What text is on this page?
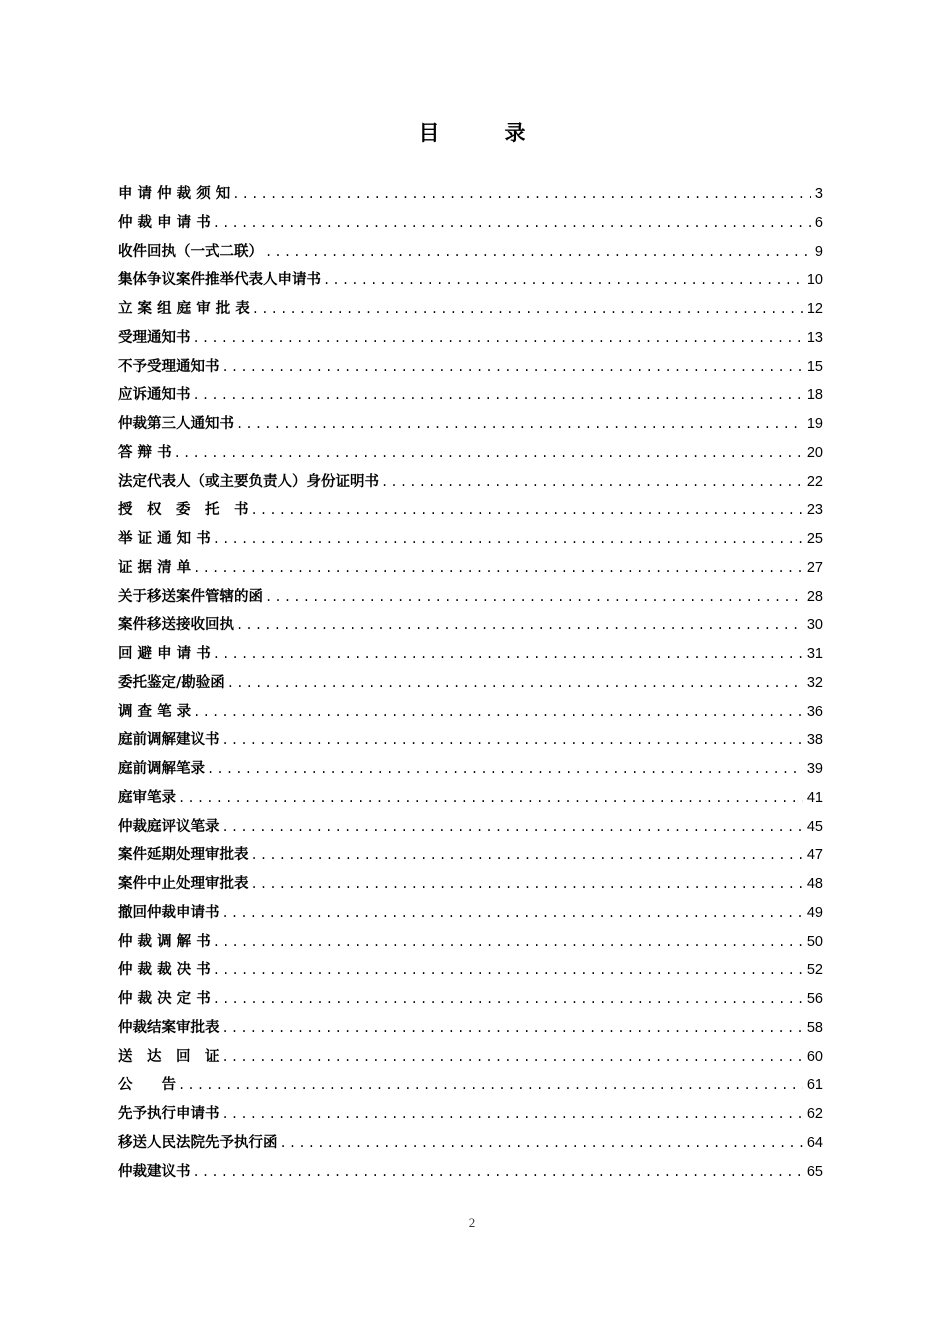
目　录
申 请 仲 裁 须 知 .....	3
仲 裁 申 请 书 .....	6
收件回执（一式二联） .....	9
集体争议案件推举代表人申请书 .....	10
立 案 组 庭 审 批 表 .....	12
受理通知书 .....	13
不予受理通知书 .....	15
应诉通知书 .....	18
仲裁第三人通知书 .....	19
答 辩 书 .....	20
法定代表人（或主要负责人）身份证明书 .....	22
授　权　委　托　书 .....	23
举 证 通 知 书 .....	25
证 据 清 单 .....	27
关于移送案件管辖的函 .....	28
案件移送接收回执 .....	30
回 避 申 请 书 .....	31
委托鉴定/勘验函 .....	32
调 查 笔 录 .....	36
庭前调解建议书 .....	38
庭前调解笔录 .....	39
庭审笔录 .....	41
仲裁庭评议笔录 .....	45
案件延期处理审批表 .....	47
案件中止处理审批表 .....	48
撤回仲裁申请书 .....	49
仲 裁 调 解 书 .....	50
仲 裁 裁 决 书 .....	52
仲 裁 决 定 书 .....	56
仲裁结案审批表 .....	58
送　达　回　证 .....	60
公　　告 .....	61
先予执行申请书 .....	62
移送人民法院先予执行函 .....	64
仲裁建议书 .....	65
2
